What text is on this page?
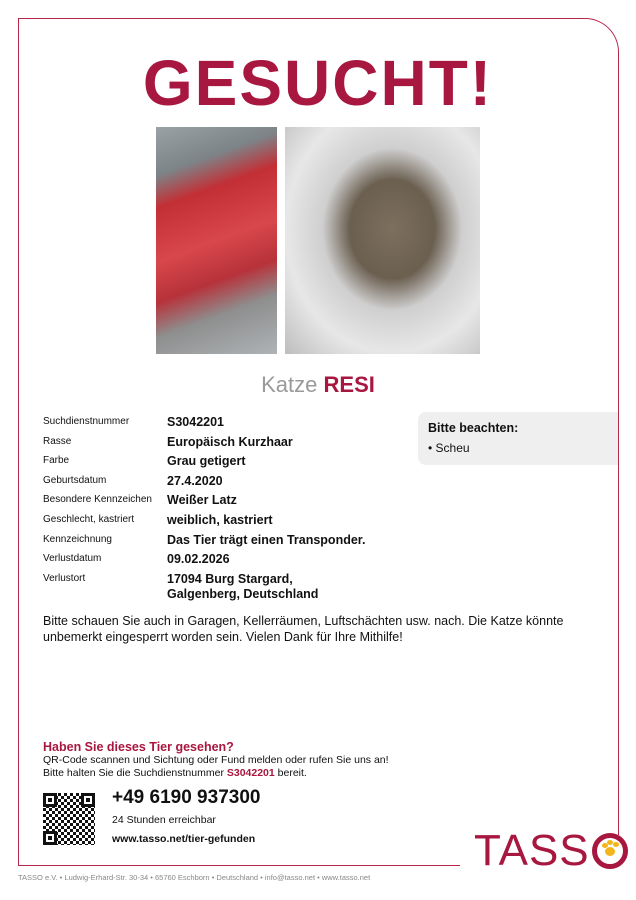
GESUCHT!
Katze RESI
Suchdienstnummer	S3042201
Rasse	Europäisch Kurzhaar
Farbe	Grau getigert
Geburtsdatum	27.4.2020
Besondere Kennzeichen	Weißer Latz
Geschlecht, kastriert	weiblich, kastriert
Kennzeichnung	Das Tier trägt einen Transponder.
Verlustdatum	09.02.2026
Verlustort	17094 Burg Stargard, Galgenberg, Deutschland
Bitte beachten:
• Scheu
Bitte schauen Sie auch in Garagen, Kellerräumen, Luftschächten usw. nach. Die Katze könnte unbemerkt eingesperrt worden sein. Vielen Dank für Ihre Mithilfe!
Haben Sie dieses Tier gesehen?
QR-Code scannen und Sichtung oder Fund melden oder rufen Sie uns an!
Bitte halten Sie die Suchdienstnummer S3042201 bereit.
+49 6190 937300
24 Stunden erreichbar
www.tasso.net/tier-gefunden	TASS
TASSO e.V. • Ludwig-Erhard-Str. 30-34 • 65760 Eschborn • Deutschland • info@tasso.net • www.tasso.net
